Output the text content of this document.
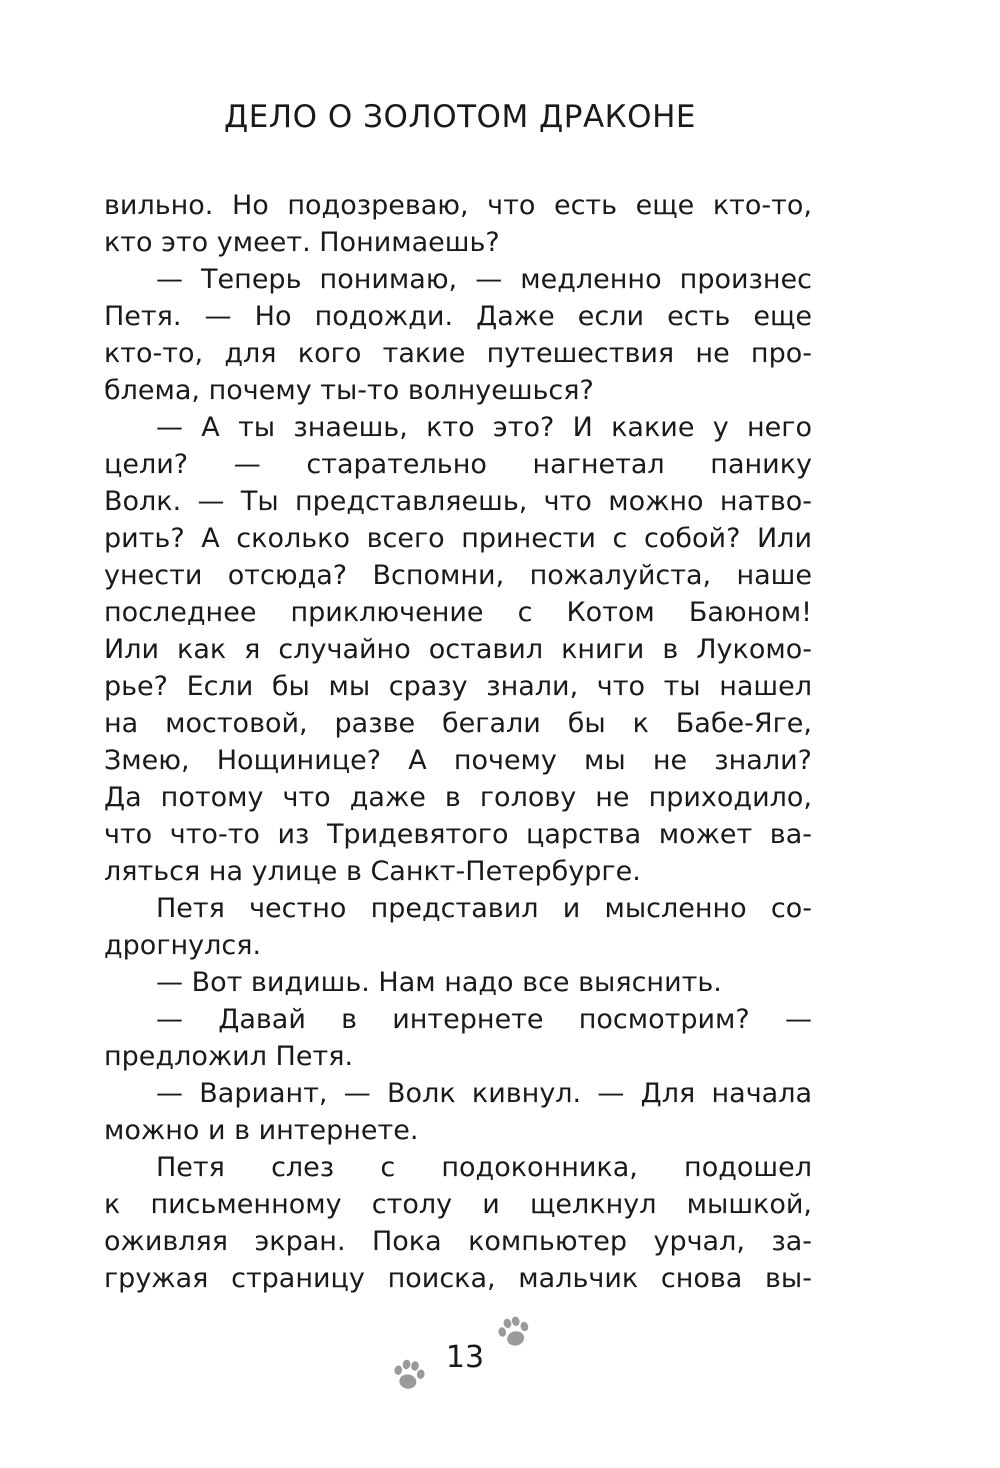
ДЕЛО О ЗОЛОТОМ ДРАКОНЕ
вильно. Но подозреваю, что есть еще кто-то,
кто это умеет. Понимаешь?
— Теперь понимаю, — медленно произнес
Петя. — Но подожди. Даже если есть еще
кто-то, для кого такие путешествия не про-
блема, почему ты-то волнуешься?
— А ты знаешь, кто это? И какие у него
цели? — старательно нагнетал панику
Волк. — Ты представляешь, что можно натво-
рить? А сколько всего принести с собой? Или
унести отсюда? Вспомни, пожалуйста, наше
последнее приключение с Котом Баюном!
Или как я случайно оставил книги в Лукомо-
рье? Если бы мы сразу знали, что ты нашел
на мостовой, разве бегали бы к Бабе-Яге,
Змею, Нощинице? А почему мы не знали?
Да потому что даже в голову не приходило,
что что-то из Тридевятого царства может ва-
ляться на улице в Санкт-Петербурге.
Петя честно представил и мысленно со-
дрогнулся.
— Вот видишь. Нам надо все выяснить.
— Давай в интернете посмотрим? —
предложил Петя.
— Вариант, — Волк кивнул. — Для начала
можно и в интернете.
Петя слез с подоконника, подошел
к письменному столу и щелкнул мышкой,
оживляя экран. Пока компьютер урчал, за-
гружая страницу поиска, мальчик снова вы-
13
